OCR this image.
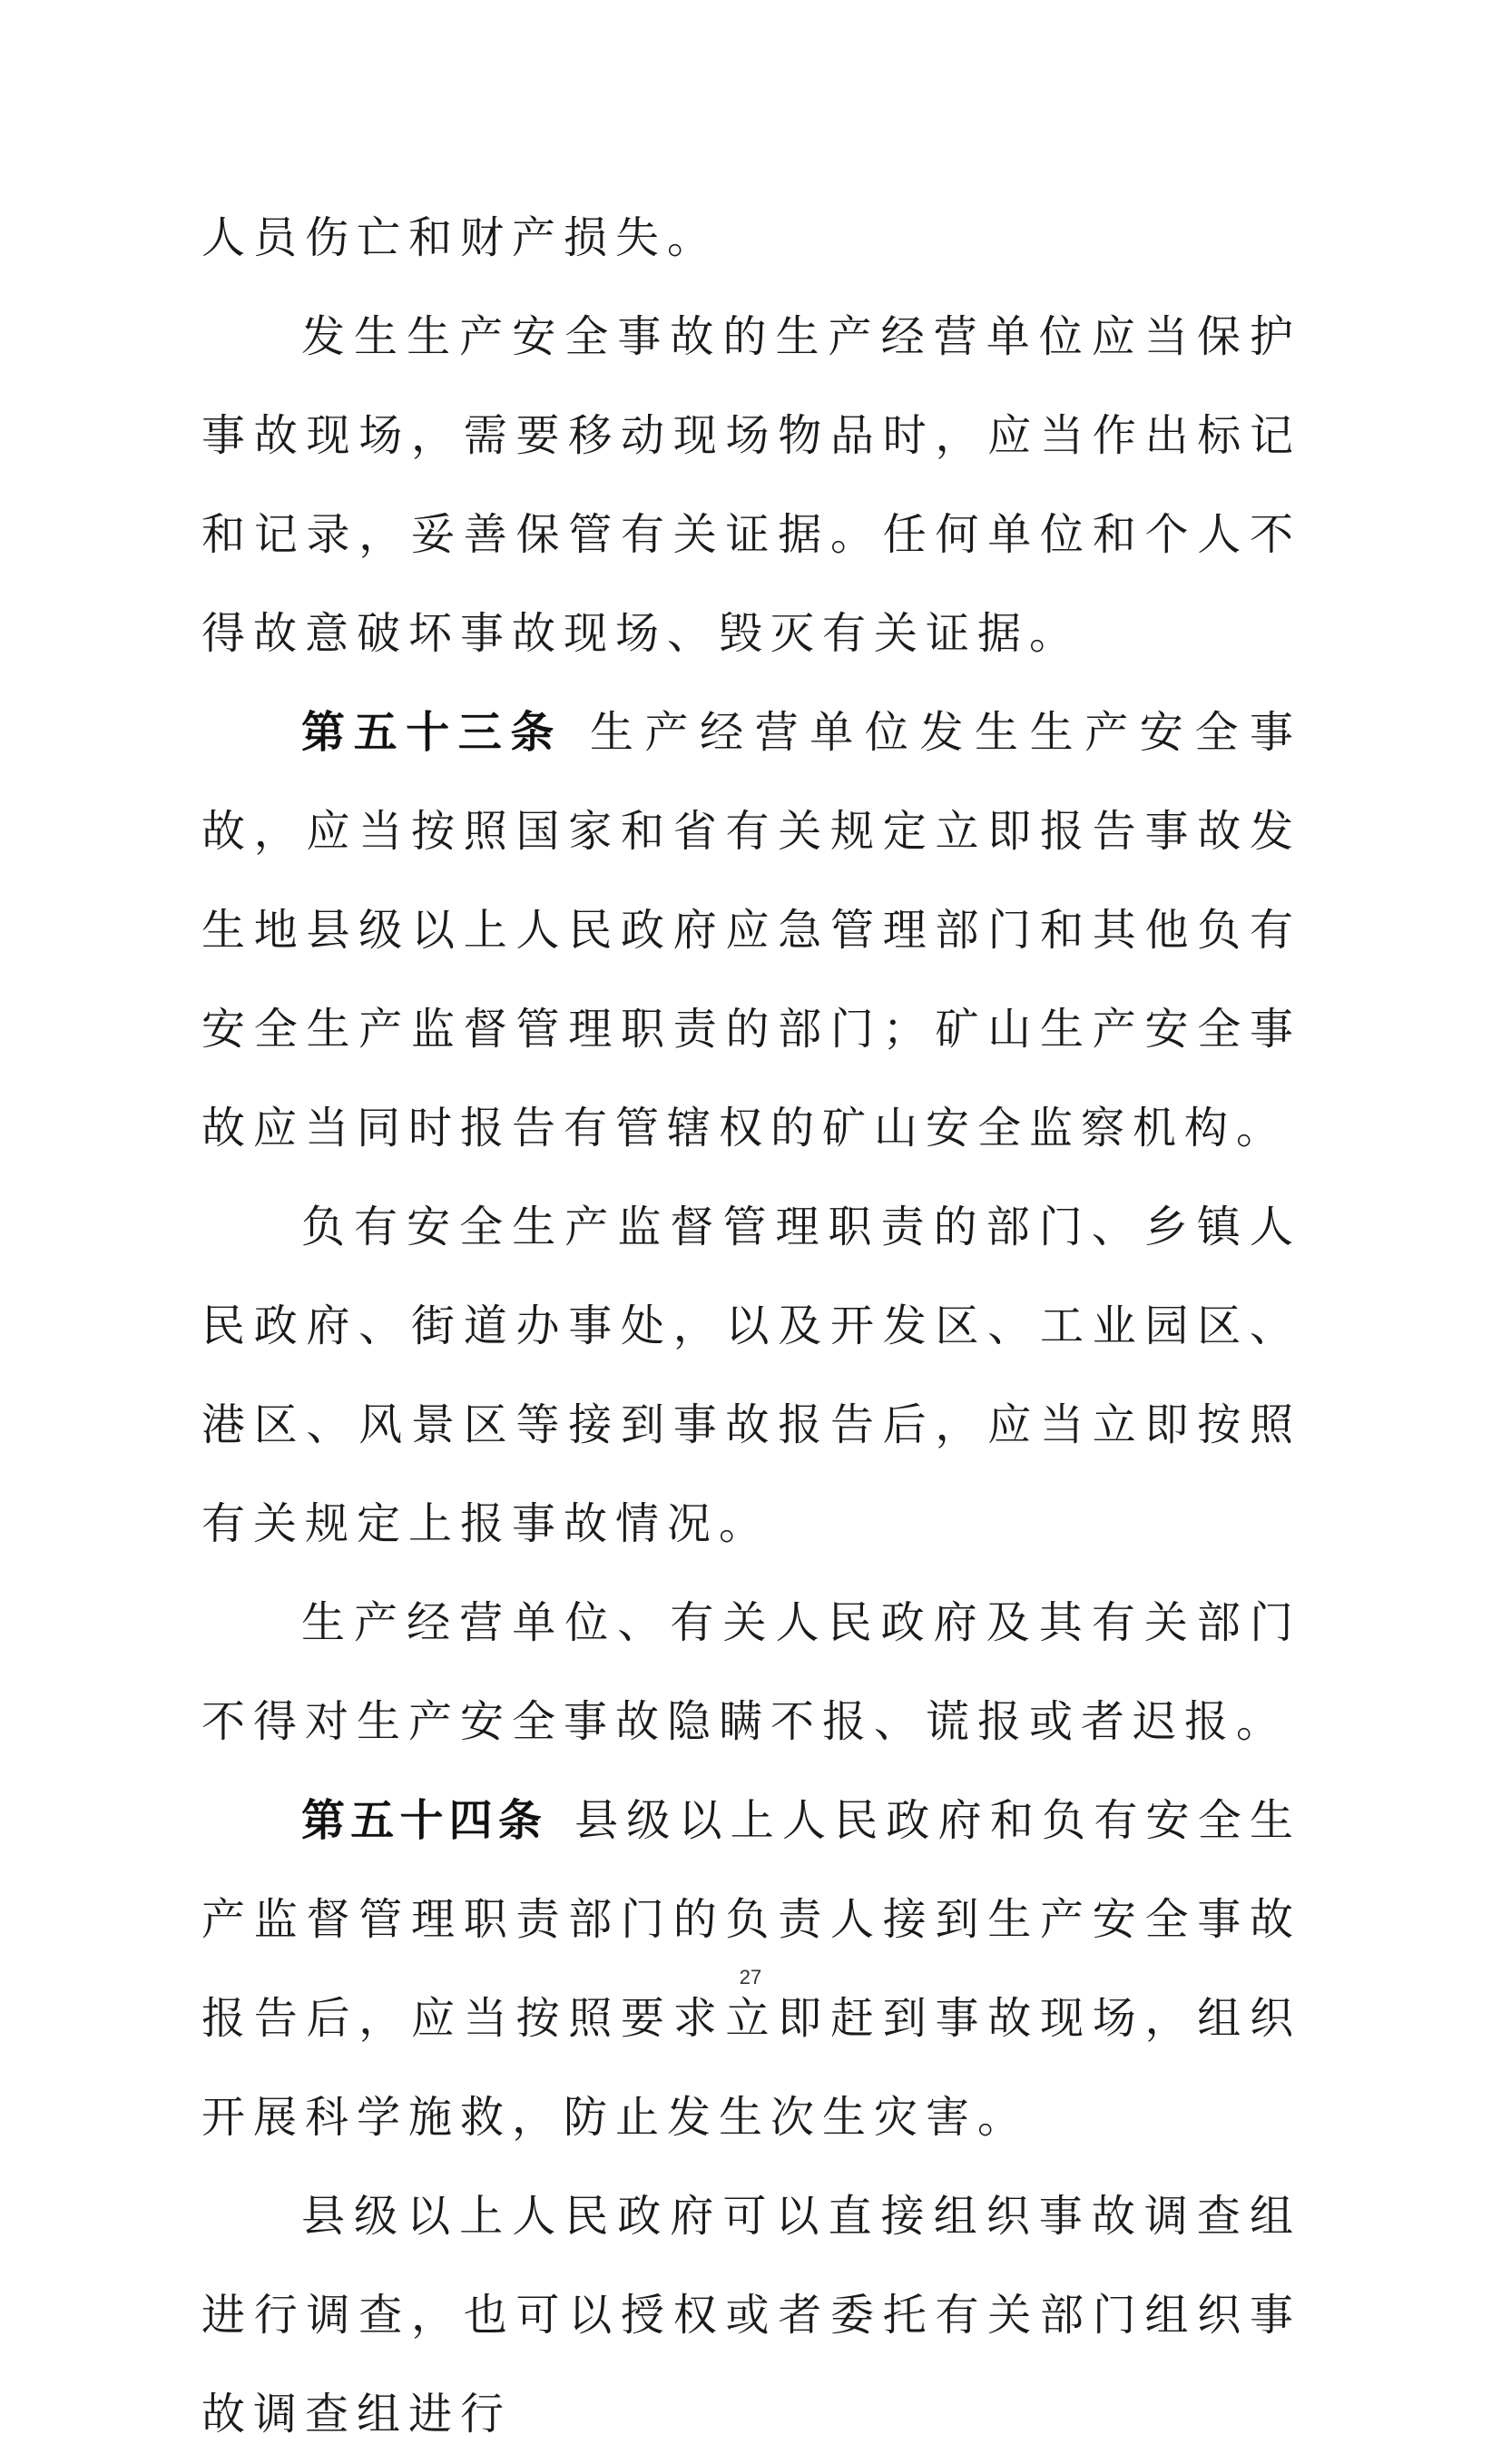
人员伤亡和财产损失。

发生生产安全事故的生产经营单位应当保护事故现场，需要移动现场物品时，应当作出标记和记录，妥善保管有关证据。任何单位和个人不得故意破坏事故现场、毁灭有关证据。

第五十三条 生产经营单位发生生产安全事故，应当按照国家和省有关规定立即报告事故发生地县级以上人民政府应急管理部门和其他负有安全生产监督管理职责的部门；矿山生产安全事故应当同时报告有管辖权的矿山安全监察机构。

负有安全生产监督管理职责的部门、乡镇人民政府、街道办事处，以及开发区、工业园区、港区、风景区等接到事故报告后，应当立即按照有关规定上报事故情况。

生产经营单位、有关人民政府及其有关部门不得对生产安全事故隐瞒不报、谎报或者迟报。

第五十四条 县级以上人民政府和负有安全生产监督管理职责部门的负责人接到生产安全事故报告后，应当按照要求立即赶到事故现场，组织开展科学施救，防止发生次生灾害。

县级以上人民政府可以直接组织事故调查组进行调查，也可以授权或者委托有关部门组织事故调查组进行

27
